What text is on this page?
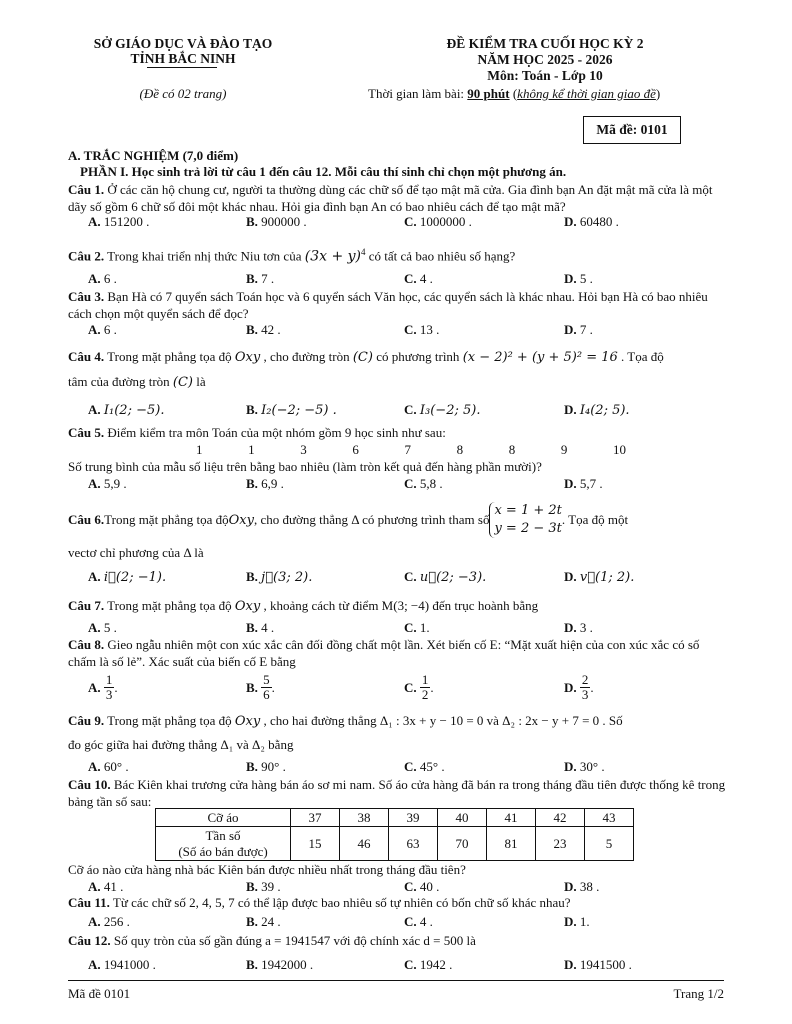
SỞ GIÁO DỤC VÀ ĐÀO TẠO
TỈNH BẮC NINH
(Đề có 02 trang)
ĐỀ KIỂM TRA CUỐI HỌC KỲ 2
NĂM HỌC 2025 - 2026
Môn: Toán - Lớp 10
Thời gian làm bài: 90 phút (không kể thời gian giao đề)
Mã đề: 0101
A. TRẮC NGHIỆM (7,0 điểm)
PHẦN I. Học sinh trả lời từ câu 1 đến câu 12. Mỗi câu thí sinh chỉ chọn một phương án.
Câu 1. Ở các căn hộ chung cư, người ta thường dùng các chữ số để tạo mật mã cửa. Gia đình bạn An đặt mật mã cửa là một dãy số gồm 6 chữ số đôi một khác nhau. Hỏi gia đình bạn An có bao nhiêu cách để tạo mật mã?
A. 151200 .	B. 900000 .	C. 1000000 .	D. 60480 .
Câu 2. Trong khai triển nhị thức Niu tơn của $(3x + y)^4$ có tất cả bao nhiêu số hạng?
A. 6 .	B. 7 .	C. 4 .	D. 5 .
Câu 3. Bạn Hà có 7 quyển sách Toán học và 6 quyển sách Văn học, các quyển sách là khác nhau. Hỏi bạn Hà có bao nhiêu cách chọn một quyển sách để đọc?
A. 6 .	B. 42 .	C. 13 .	D. 7 .
Câu 4. Trong mặt phẳng tọa độ Oxy , cho đường tròn (C) có phương trình (x − 2)² + (y + 5)² = 16 . Tọa độ
tâm của đường tròn (C) là
A. I₁(2; −5).	B. I₂(−2; −5) .	C. I₃(−2; 5).	D. I₄(2; 5).
Câu 5. Điểm kiểm tra môn Toán của một nhóm gồm 9 học sinh như sau:
1	1	3	6	7	8	8	9	10
Số trung bình của mẫu số liệu trên bằng bao nhiêu (làm tròn kết quả đến hàng phần mười)?
A. 5,9 .	B. 6,9 .	C. 5,8 .	D. 5,7 .
Câu 6. Trong mặt phẳng tọa độ Oxy , cho đường thẳng Δ có phương trình tham số
x = 1 + 2t
y = 2 − 3t
. Tọa độ một
vectơ chỉ phương của Δ là
A. i⃗(2; −1).	B. j⃗(3; 2).	C. u⃗(2; −3).	D. v⃗(1; 2).
Câu 7. Trong mặt phẳng tọa độ Oxy , khoảng cách từ điểm M(3; −4) đến trục hoành bằng
A. 5 .	B. 4 .	C. 1.	D. 3 .
Câu 8. Gieo ngẫu nhiên một con xúc xắc cân đối đồng chất một lần. Xét biến cố E: “Mặt xuất hiện của con xúc xắc có số chấm là số lẻ”. Xác suất của biến cố E bằng
A.
$\frac{1}{3}$ .	B.
$\frac{5}{6}$ .	C.
$\frac{1}{2}$ .	D.
$\frac{2}{3}$ .
Câu 9. Trong mặt phẳng tọa độ Oxy , cho hai đường thẳng Δ₁ : 3x + y − 10 = 0 và Δ₂ : 2x − y + 7 = 0 . Số
đo góc giữa hai đường thẳng Δ₁ và Δ₂ bằng
A. 60° .	B. 90° .	C. 45° .	D. 30° .
Câu 10. Bác Kiên khai trương cửa hàng bán áo sơ mi nam. Số áo cửa hàng đã bán ra trong tháng đầu tiên được thống kê trong bảng tần số sau:
Cỡ áo	37	38	39	40	41	42	43

Tần số
(Số áo bán được)	15	46	63	70	81	23	5
Cỡ áo nào cửa hàng nhà bác Kiên bán được nhiều nhất trong tháng đầu tiên?
A. 41 .	B. 39 .	C. 40 .	D. 38 .
Câu 11. Từ các chữ số 2, 4, 5, 7 có thể lập được bao nhiêu số tự nhiên có bốn chữ số khác nhau?
A. 256 .	B. 24 .	C. 4 .	D. 1.
Câu 12. Số quy tròn của số gần đúng a = 1941547 với độ chính xác d = 500 là
A. 1941000 .	B. 1942000 .	C. 1942 .	D. 1941500 .
Mã đề 0101	Trang 1/2
